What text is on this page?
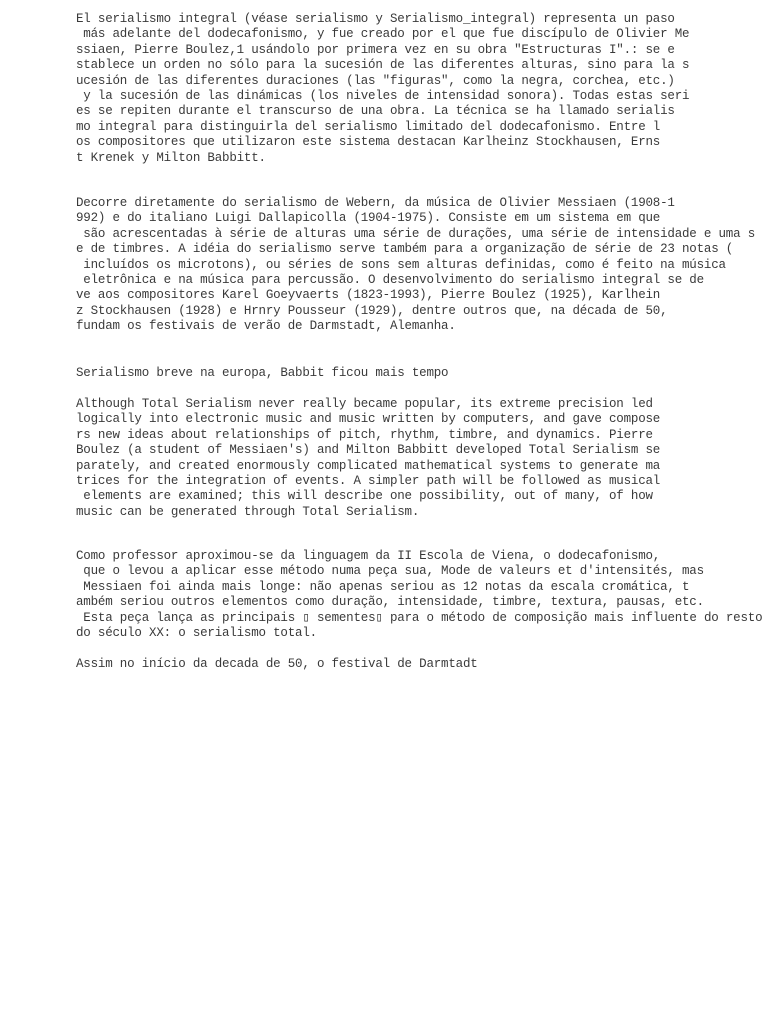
El serialismo integral (véase serialismo y Serialismo_integral) representa un paso
más adelante del dodecafonismo, y fue creado por el que fue discípulo de Olivier Me
ssiaen, Pierre Boulez,1 usándolo por primera vez en su obra "Estructuras I".: se e
stablece un orden no sólo para la sucesión de las diferentes alturas, sino para la s
ucesión de las diferentes duraciones (las "figuras", como la negra, corchea, etc.)
y la sucesión de las dinámicas (los niveles de intensidad sonora). Todas estas seri
es se repiten durante el transcurso de una obra. La técnica se ha llamado serialis
mo integral para distinguirla del serialismo limitado del dodecafonismo. Entre l
os compositores que utilizaron este sistema destacan Karlheinz Stockhausen, Erns
t Krenek y Milton Babbitt.
Decorre diretamente do serialismo de Webern, da música de Olivier Messiaen (1908-1
992) e do italiano Luigi Dallapicolla (1904-1975). Consiste em um sistema em que
são acrescentadas à série de alturas uma série de durações, uma série de intensidade e uma s
e de timbres. A idéia do serialismo serve também para a organização de série de 23 notas (
incluídos os microtons), ou séries de sons sem alturas definidas, como é feito na música
eletrônica e na música para percussão. O desenvolvimento do serialismo integral se de
ve aos compositores Karel Goeyvaerts (1823-1993), Pierre Boulez (1925), Karlhein
z Stockhausen (1928) e Hrnry Pousseur (1929), dentre outros que, na década de 50,
fundam os festivais de verão de Darmstadt, Alemanha.
Serialismo breve na europa, Babbit ficou mais tempo
Although Total Serialism never really became popular, its extreme precision led
logically into electronic music and music written by computers, and gave compose
rs new ideas about relationships of pitch, rhythm, timbre, and dynamics. Pierre
Boulez (a student of Messiaen's) and Milton Babbitt developed Total Serialism se
parately, and created enormously complicated mathematical systems to generate ma
trices for the integration of events. A simpler path will be followed as musical
elements are examined; this will describe one possibility, out of many, of how
music can be generated through Total Serialism.
Como professor aproximou-se da linguagem da II Escola de Viena, o dodecafonismo,
que o levou a aplicar esse método numa peça sua, Mode de valeurs et d'intensités, mas
Messiaen foi ainda mais longe: não apenas seriou as 12 notas da escala cromática, t
ambém seriou outros elementos como duração, intensidade, timbre, textura, pausas, etc.
Esta peça lança as principais ▯ sementes▯ para o método de composição mais influente do resto
do século XX: o serialismo total.
Assim no início da decada de 50, o festival de Darmtadt
